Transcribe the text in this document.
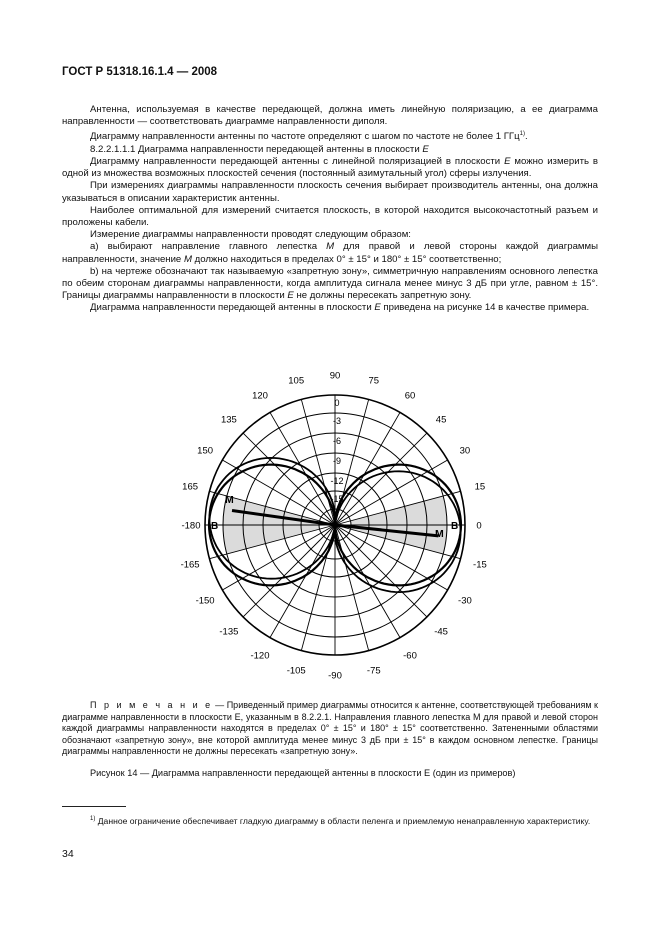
ГОСТ Р 51318.16.1.4 — 2008

Антенна, используемая в качестве передающей, должна иметь линейную поляризацию, а ее диаграмма направленности — соответствовать диаграмме направленности диполя.

Диаграмму направленности антенны по частоте определяют с шагом по частоте не более 1 ГГц$^{1)}$.

8.2.2.1.1.1 Диаграмма направленности передающей антенны в плоскости E

Диаграмму направленности передающей антенны с линейной поляризацией в плоскости E можно измерить в одной из множества возможных плоскостей сечения (постоянный азимутальный угол) сферы излучения.

При измерениях диаграммы направленности плоскость сечения выбирает производитель антенны, она должна указываться в описании характеристик антенны.

Наиболее оптимальной для измерений считается плоскость, в которой находится высокочастотный разъем и проложены кабели.

Измерение диаграммы направленности проводят следующим образом:

a) выбирают направление главного лепестка M для правой и левой стороны каждой диаграммы направленности, значение M должно находиться в пределах 0° ± 15° и 180° ± 15° соответственно;

b) на чертеже обозначают так называемую «запретную зону», симметричную направлениям основного лепестка по обеим сторонам диаграммы направленности, когда амплитуда сигнала менее минус 3 дБ при угле, равном ± 15°. Границы диаграммы направленности в плоскости E не должны пересекать запретную зону.

Диаграмма направленности передающей антенны в плоскости E приведена на рисунке 14 в качестве примера.

0
15
30
45
60
75
90
105
120
135
150
165
-180
-165
-150
-135
-120
-105 -90	-75
-60
-45
-30
-15
0
-3
-6
-9
-12
-15
M
M
B	B
П р и м е ч а н и е — Приведенный пример диаграммы относится к антенне, соответствующей требованиям к диаграмме направленности в плоскости E, указанным в 8.2.2.1. Направления главного лепестка M для правой и левой сторон каждой диаграммы направленности находятся в пределах 0° ± 15° и 180° ± 15° соответственно. Затененными областями обозначают «запретную зону», вне которой амплитуда менее минус 3 дБ при ± 15° в каждом основном лепестке. Границы диаграммы направленности не должны пересекать «запретную зону».
Рисунок 14 — Диаграмма направленности передающей антенны в плоскости E (один из примеров)
$^{1)}$ Данное ограничение обеспечивает гладкую диаграмму в области пеленга и приемлемую ненаправленную характеристику.
34
